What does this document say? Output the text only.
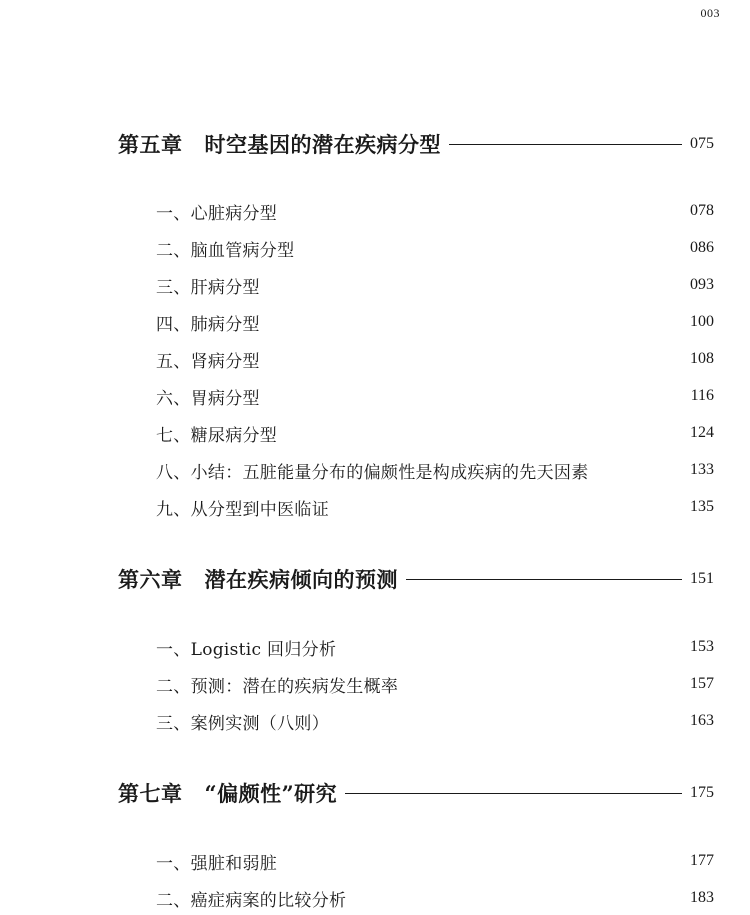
003
第五章 时空基因的潜在疾病分型	075
一、心脏病分型	078
二、脑血管病分型	086
三、肝病分型	093
四、肺病分型	100
五、肾病分型	108
六、胃病分型	116
七、糖尿病分型	124
八、小结：五脏能量分布的偏颇性是构成疾病的先天因素	133
九、从分型到中医临证	135
第六章 潜在疾病倾向的预测	151
一、Logistic 回归分析	153
二、预测：潜在的疾病发生概率	157
三、案例实测（八则）	163
第七章 “偏颇性”研究	175
一、强脏和弱脏	177
二、癌症病案的比较分析	183
